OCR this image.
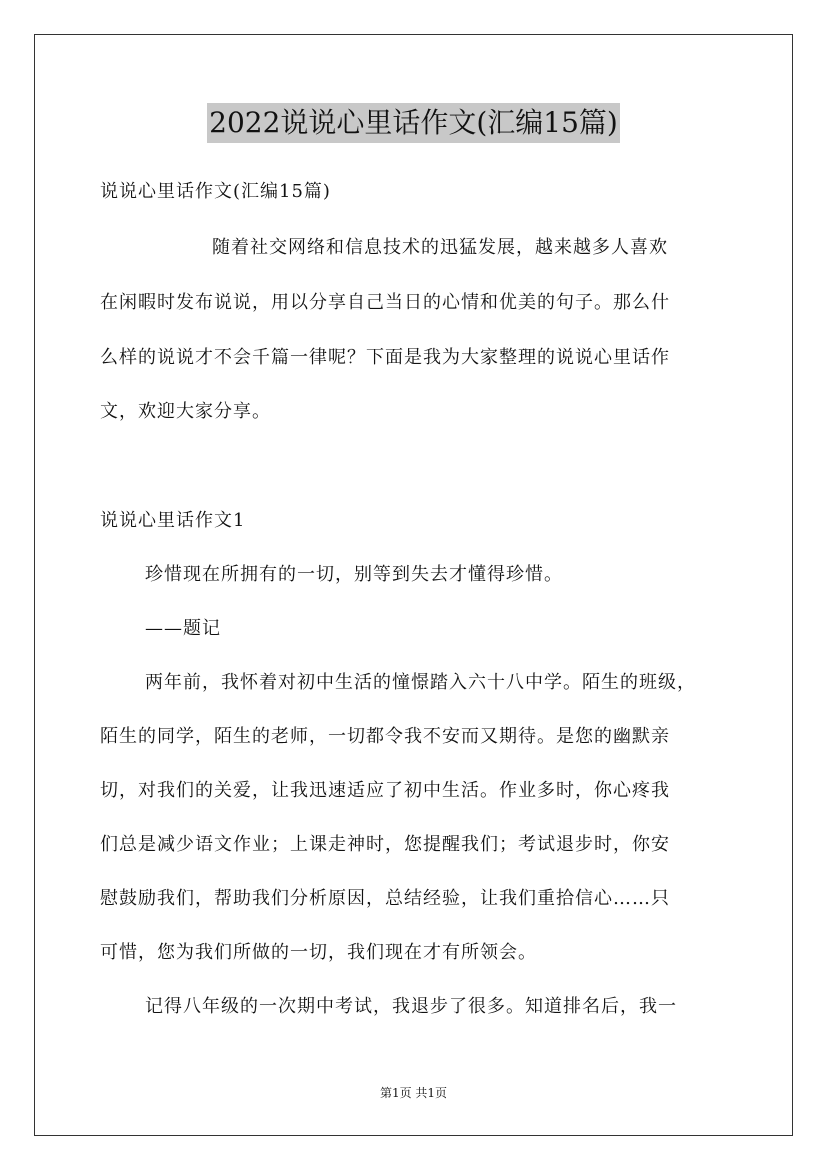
2022说说心里话作文(汇编15篇)
说说心里话作文(汇编15篇)
随着社交网络和信息技术的迅猛发展，越来越多人喜欢
在闲暇时发布说说，用以分享自己当日的心情和优美的句子。那么什
么样的说说才不会千篇一律呢？下面是我为大家整理的说说心里话作
文，欢迎大家分享。
说说心里话作文1
珍惜现在所拥有的一切，别等到失去才懂得珍惜。
——题记
两年前，我怀着对初中生活的憧憬踏入六十八中学。陌生的班级，
陌生的同学，陌生的老师，一切都令我不安而又期待。是您的幽默亲
切，对我们的关爱，让我迅速适应了初中生活。作业多时，你心疼我
们总是减少语文作业；上课走神时，您提醒我们；考试退步时，你安
慰鼓励我们，帮助我们分析原因，总结经验，让我们重拾信心……只
可惜，您为我们所做的一切，我们现在才有所领会。
记得八年级的一次期中考试，我退步了很多。知道排名后，我一
第1页 共1页
